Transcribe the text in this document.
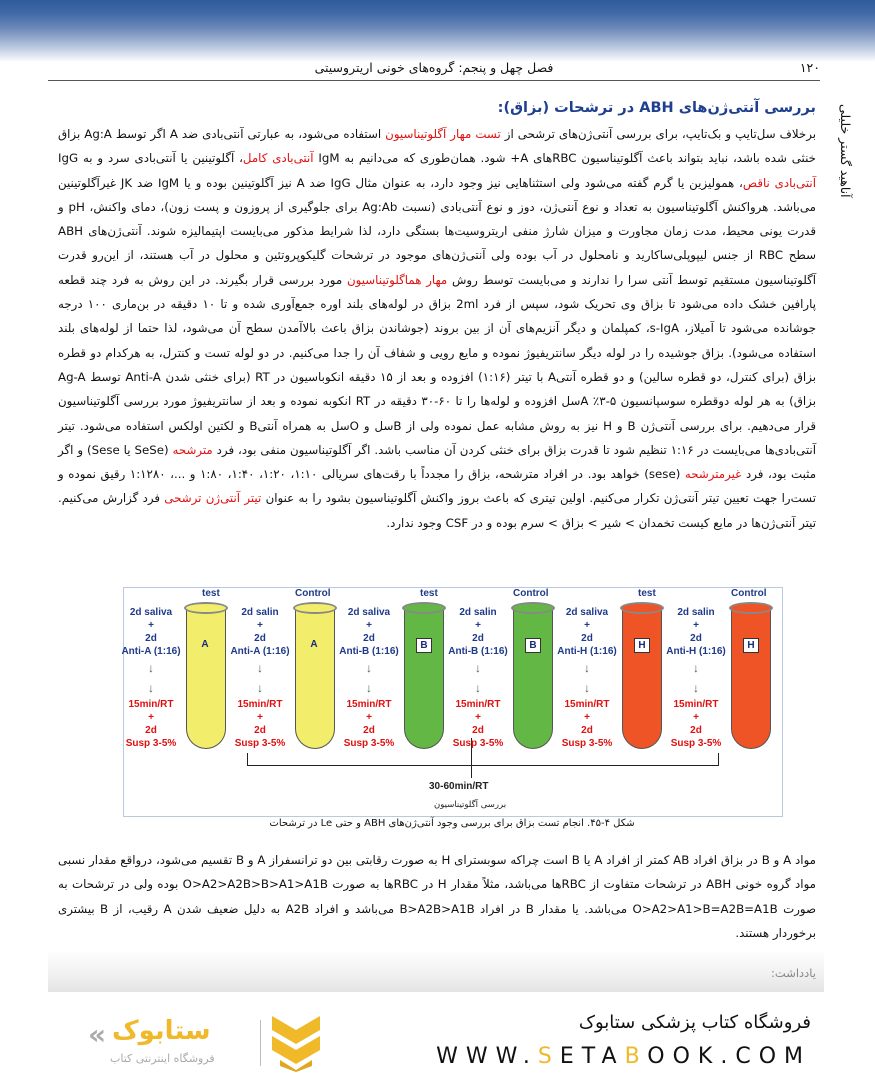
فصل چهل و پنجم: گروه‌های خونی اریتروسیتی	۱۲۰
آناهید گستر خلیلی
بررسی آنتی‌ژن‌های ABH در ترشحات (بزاق):

برخلاف سل‌تایپ و بک‌تایپ، برای بررسی آنتی‌ژن‌های ترشحی از تست مهار آگلوتیناسیون استفاده می‌شود، به عبارتی آنتی‌بادی ضد A اگر توسط Ag:A بزاق خنثی شده باشد، نباید بتواند باعث آگلوتیناسیون RBCهای A+ شود. همان‌طوری که می‌دانیم به IgM آنتی‌بادی کامل، آگلوتینین یا آنتی‌بادی سرد و به IgG آنتی‌بادی ناقص، همولیزین یا گرم گفته می‌شود ولی استثناهایی نیز وجود دارد، به عنوان مثال IgG ضد A نیز آگلوتینین بوده و یا IgM ضد JK غیرآگلوتینین می‌باشد. هرواکنش آگلوتیناسیون به تعداد و نوع آنتی‌ژن، دوز و نوع آنتی‌بادی (نسبت Ag:Ab برای جلوگیری از پروزون و پست زون)، دمای واکنش، pH و قدرت یونی محیط، مدت زمان مجاورت و میزان شارژ منفی اریتروسیت‌ها بستگی دارد، لذا شرایط مذکور می‌بایست اپتیمالیزه شوند. آنتی‌ژن‌های ABH سطح RBC از جنس لیپوپلی‌ساکارید و نامحلول در آب بوده ولی آنتی‌ژن‌های موجود در ترشحات گلیکوپروتئین و محلول در آب هستند، از این‌رو قدرت آگلوتیناسیون مستقیم توسط آنتی سرا را ندارند و می‌بایست توسط روش مهار هماگلوتیناسیون مورد بررسی قرار بگیرند. در این روش به فرد چند قطعه پارافین خشک داده می‌شود تا بزاق وی تحریک شود، سپس از فرد 2ml بزاق در لوله‌های بلند اوره جمع‌آوری شده و تا ۱۰ دقیقه در بن‌ماری ۱۰۰ درجه جوشانده می‌شود تا آمیلاز، s-IgA، کمپلمان و دیگر آنزیم‌های آن از بین بروند (جوشاندن بزاق باعث بالاآمدن سطح آن می‌شود، لذا حتما از لوله‌های بلند استفاده می‌شود). بزاق جوشیده را در لوله دیگر سانتریفیوژ نموده و مایع رویی و شفاف آن را جدا می‌کنیم. در دو لوله تست و کنترل، به هرکدام دو قطره بزاق (برای کنترل، دو قطره سالین) و دو قطره آنتی‌A با تیتر (۱:۱۶) افزوده و بعد از ۱۵ دقیقه انکوباسیون در RT (برای خنثی شدن Anti-A توسط Ag-A بزاق) به هر لوله دوقطره سوسپانسیون ۵-۳٪ Aسل افزوده و لوله‌ها را تا ۶۰-۳۰ دقیقه در RT انکوبه نموده و بعد از سانتریفیوژ مورد بررسی آگلوتیناسیون قرار می‌دهیم. برای بررسی آنتی‌ژن B و H نیز به روش مشابه عمل نموده ولی از Bسل و Oسل به همراه آنتی‌B و لکتین اولکس استفاده می‌شود. تیتر آنتی‌بادی‌ها می‌بایست در ۱:۱۶ تنظیم شود تا قدرت بزاق برای خنثی کردن آن مناسب باشد. اگر آگلوتیناسیون منفی بود، فرد مترشحه (SeSe یا Sese) و اگر مثبت بود، فرد غیرمترشحه (sese) خواهد بود. در افراد مترشحه، بزاق را مجدداً با رقت‌های سریالی ۱:۱۰، ۱:۲۰، ۱:۴۰، ۱:۸۰ و ...، ۱:۱۲۸۰ رقیق نموده و تست‌را جهت تعیین تیتر آنتی‌ژن تکرار می‌کنیم. اولین تیتری که باعث بروز واکنش آگلوتیناسیون بشود را به عنوان تیتر آنتی‌ژن ترشحی فرد گزارش می‌کنیم. تیتر آنتی‌ژن‌ها در مایع کیست تخمدان > شیر > بزاق > سرم بوده و در CSF وجود ندارد.

30-60min/RT
بررسی آگلوتیناسیون
test
A
2d saliva
+
2d
Anti-A (1:16)
↓
↓
15min/RT
+
2d
Susp 3-5%
Control
A
2d salin
+
2d
Anti-A (1:16)
↓
↓
15min/RT
+
2d
Susp 3-5%
test
B
2d saliva
+
2d
Anti-B (1:16)
↓
↓
15min/RT
+
2d
Susp 3-5%
Control
B
2d salin
+
2d
Anti-B (1:16)
↓
↓
15min/RT
+
2d
Susp 3-5%
test
H
2d saliva
+
2d
Anti-H (1:16)
↓
↓
15min/RT
+
2d
Susp 3-5%
Control
H
2d salin
+
2d
Anti-H (1:16)
↓
↓
15min/RT
+
2d
Susp 3-5%
شکل ۴-۴۵. انجام تست بزاق برای بررسی وجود آنتی‌ژن‌های ABH و حتی Le در ترشحات

مواد A و B در بزاق افراد AB کمتر از افراد A یا B است چراکه سوبسترای H به صورت رقابتی بین دو ترانسفراز A و B تقسیم می‌شود، درواقع مقدار نسبی مواد گروه خونی ABH در ترشحات متفاوت از RBCها می‌باشد، مثلاً مقدار H در RBCها به صورت O>A2>A2B>B>A1>A1B بوده ولی در ترشحات به صورت O>A2>A1>B=A2B=A1B می‌باشد. یا مقدار B در افراد B>A2B>A1B می‌باشد و افراد A2B به دلیل ضعیف شدن A رقیب، از B بیشتری برخوردار هستند.

یادداشت:
فروشگاه کتاب پزشکی ستابوک
WWW.SETABOOK.COM
« ستابوک
فروشگاه اینترنتی کتاب
